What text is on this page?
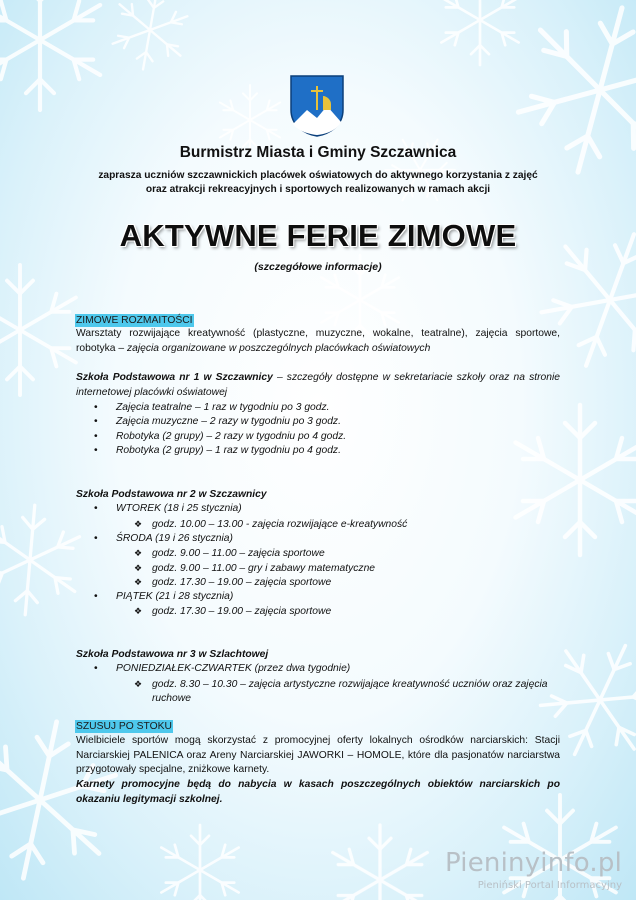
Burmistrz Miasta i Gminy Szczawnica
zaprasza uczniów szczawnickich placówek oświatowych do aktywnego korzystania z zajęć
oraz atrakcji rekreacyjnych i sportowych realizowanych w ramach akcji
AKTYWNE FERIE ZIMOWE
(szczegółowe informacje)
ZIMOWE ROZMAITOŚCI
Warsztaty rozwijające kreatywność (plastyczne, muzyczne, wokalne, teatralne), zajęcia sportowe, robotyka – zajęcia organizowane w poszczególnych placówkach oświatowych
Szkoła Podstawowa nr 1 w Szczawnicy – szczegóły dostępne w sekretariacie szkoły oraz na stronie internetowej placówki oświatowej
• Zajęcia teatralne – 1 raz w tygodniu po 3 godz.
• Zajęcia muzyczne – 2 razy w tygodniu po 3 godz.
• Robotyka (2 grupy) – 2 razy w tygodniu po 4 godz.
• Robotyka (2 grupy) – 1 raz w tygodniu po 4 godz.
Szkoła Podstawowa nr 2 w Szczawnicy
• WTOREK (18 i 25 stycznia)
❖ godz. 10.00 – 13.00 - zajęcia rozwijające e-kreatywność
• ŚRODA (19 i 26 stycznia)
❖ godz. 9.00 – 11.00 – zajęcia sportowe
❖ godz. 9.00 – 11.00 – gry i zabawy matematyczne
❖ godz. 17.30 – 19.00 – zajęcia sportowe
• PIĄTEK (21 i 28 stycznia)
❖ godz. 17.30 – 19.00 – zajęcia sportowe
Szkoła Podstawowa nr 3 w Szlachtowej
• PONIEDZIAŁEK-CZWARTEK (przez dwa tygodnie)
❖ godz. 8.30 – 10.30 – zajęcia artystyczne rozwijające kreatywność uczniów oraz zajęcia
ruchowe
SZUSUJ PO STOKU
Wielbiciele sportów mogą skorzystać z promocyjnej oferty lokalnych ośrodków narciarskich: Stacji Narciarskiej PALENICA oraz Areny Narciarskiej JAWORKI – HOMOLE, które dla pasjonatów narciarstwa przygotowały specjalne, zniżkowe karnety.
Karnety promocyjne będą do nabycia w kasach poszczególnych obiektów narciarskich po okazaniu legitymacji szkolnej.
Pieninyinfo.pl
Pieniński Portal Informacyjny
